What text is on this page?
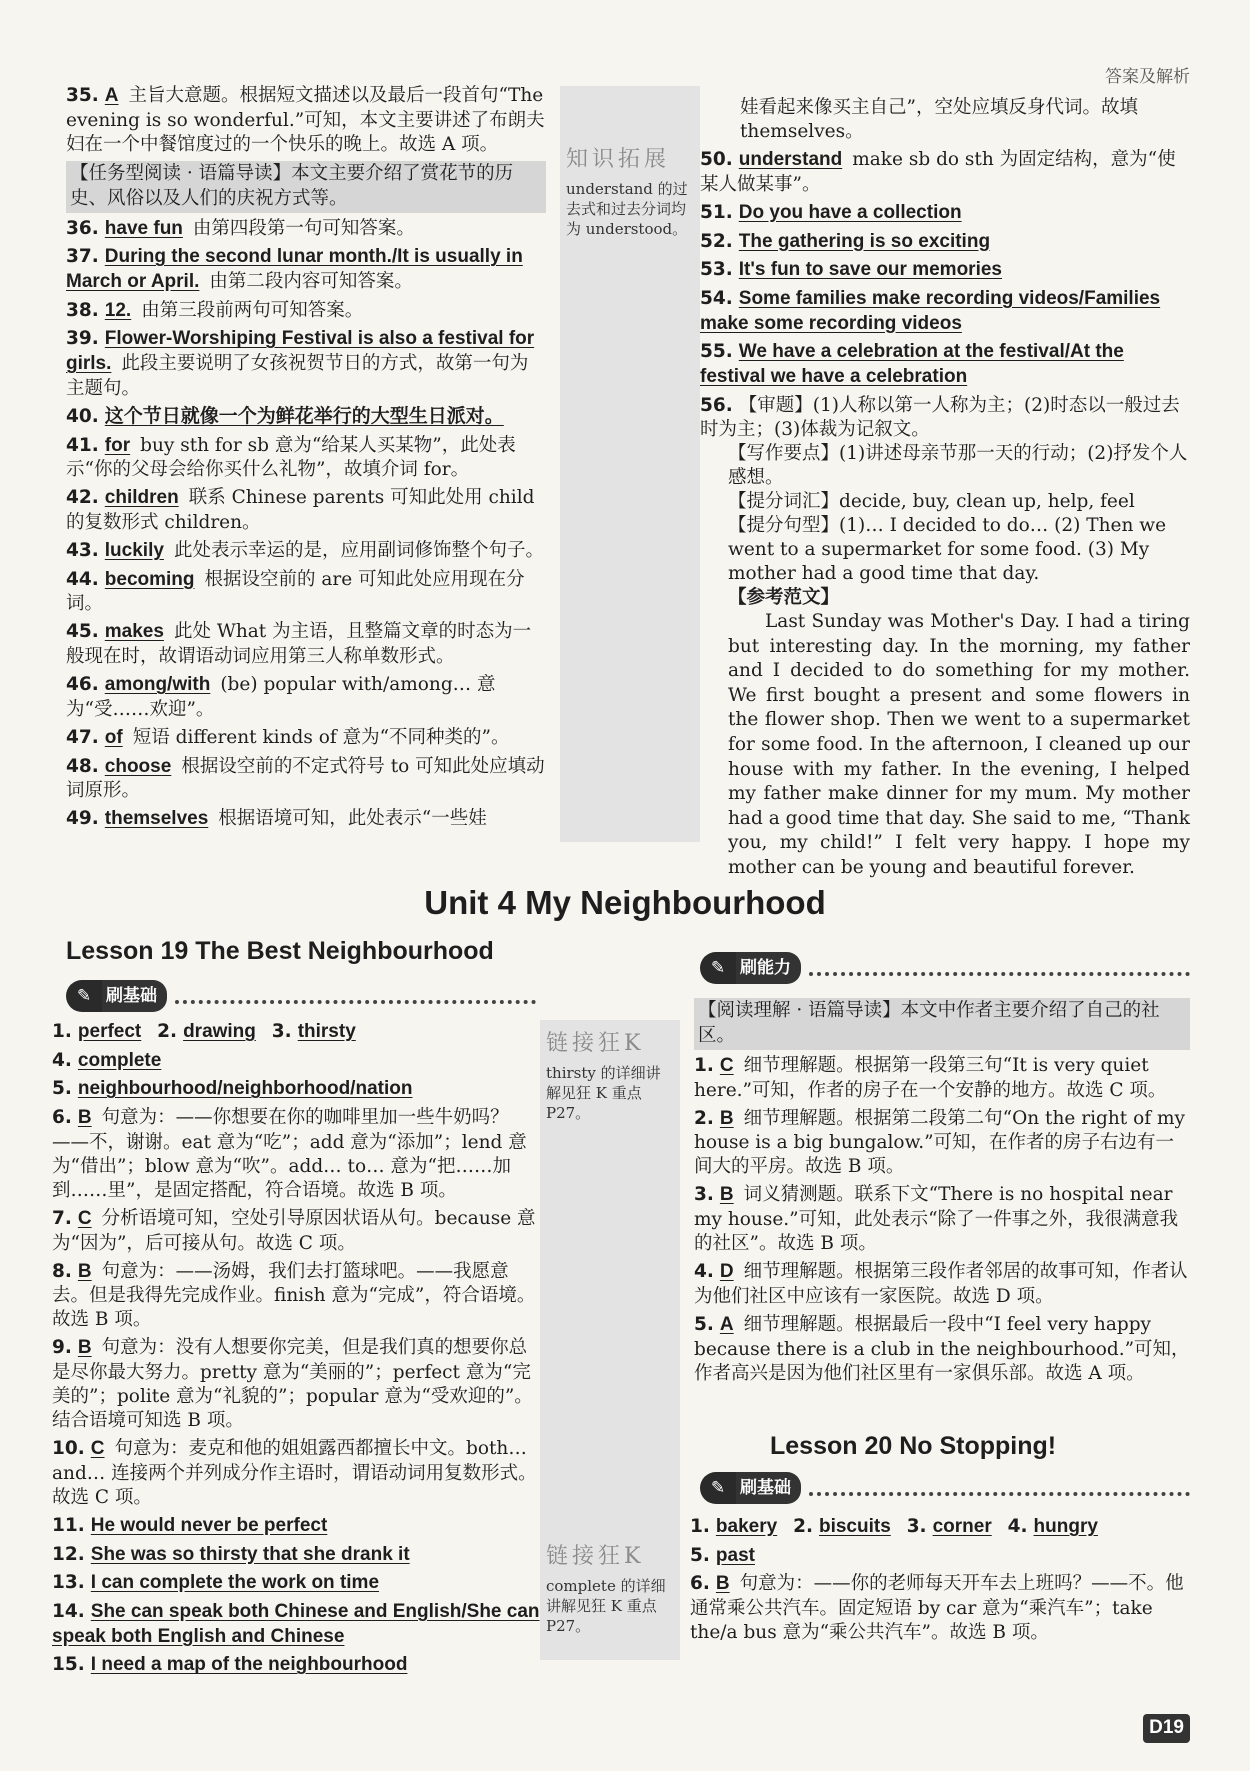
答案及解析
35. A 主旨大意题。根据短文描述以及最后一段首句“The evening is so wonderful.”可知，本文主要讲述了布朗夫妇在一个中餐馆度过的一个快乐的晚上。故选 A 项。
【任务型阅读 · 语篇导读】本文主要介绍了赏花节的历史、风俗以及人们的庆祝方式等。
36. have fun 由第四段第一句可知答案。
37. During the second lunar month./It is usually in March or April. 由第二段内容可知答案。
38. 12. 由第三段前两句可知答案。
39. Flower-Worshiping Festival is also a festival for girls. 此段主要说明了女孩祝贺节日的方式，故第一句为主题句。
40. 这个节日就像一个为鲜花举行的大型生日派对。
41. for buy sth for sb 意为“给某人买某物”，此处表示“你的父母会给你买什么礼物”，故填介词 for。
42. children 联系 Chinese parents 可知此处用 child 的复数形式 children。
43. luckily 此处表示幸运的是，应用副词修饰整个句子。
44. becoming 根据设空前的 are 可知此处应用现在分词。
45. makes 此处 What 为主语，且整篇文章的时态为一般现在时，故谓语动词应用第三人称单数形式。
46. among/with (be) popular with/among… 意为“受……欢迎”。
47. of 短语 different kinds of 意为“不同种类的”。
48. choose 根据设空前的不定式符号 to 可知此处应填动词原形。
49. themselves 根据语境可知，此处表示“一些娃
知识拓展
understand 的过去式和过去分词均为 understood。
娃看起来像买主自己”，空处应填反身代词。故填 themselves。
50. understand make sb do sth 为固定结构，意为“使某人做某事”。
51. Do you have a collection
52. The gathering is so exciting
53. It's fun to save our memories
54. Some families make recording videos/Families make some recording videos
55. We have a celebration at the festival/At the festival we have a celebration
56. 【审题】(1)人称以第一人称为主；(2)时态以一般过去时为主；(3)体裁为记叙文。
【写作要点】(1)讲述母亲节那一天的行动；(2)抒发个人感想。
【提分词汇】decide, buy, clean up, help, feel
【提分句型】(1)… I decided to do… (2) Then we went to a supermarket for some food. (3) My mother had a good time that day.
【参考范文】
Last Sunday was Mother's Day. I had a tiring but interesting day. In the morning, my father and I decided to do something for my mother. We first bought a present and some flowers in the flower shop. Then we went to a supermarket for some food. In the afternoon, I cleaned up our house with my father. In the evening, I helped my father make dinner for my mum. My mother had a good time that day. She said to me, “Thank you, my child!” I felt very happy. I hope my mother can be young and beautiful forever.
Unit 4 My Neighbourhood
Lesson 19 The Best Neighbourhood
✎ 刷基础
1. perfect 2. drawing 3. thirsty
4. complete
5. neighbourhood/neighborhood/nation
6. B 句意为：——你想要在你的咖啡里加一些牛奶吗？——不，谢谢。eat 意为“吃”；add 意为“添加”；lend 意为“借出”；blow 意为“吹”。add… to… 意为“把……加到……里”，是固定搭配，符合语境。故选 B 项。
7. C 分析语境可知，空处引导原因状语从句。because 意为“因为”，后可接从句。故选 C 项。
8. B 句意为：——汤姆，我们去打篮球吧。——我愿意去。但是我得先完成作业。finish 意为“完成”，符合语境。故选 B 项。
9. B 句意为：没有人想要你完美，但是我们真的想要你总是尽你最大努力。pretty 意为“美丽的”；perfect 意为“完美的”；polite 意为“礼貌的”；popular 意为“受欢迎的”。结合语境可知选 B 项。
10. C 句意为：麦克和他的姐姐露西都擅长中文。both… and… 连接两个并列成分作主语时，谓语动词用复数形式。故选 C 项。
11. He would never be perfect
12. She was so thirsty that she drank it
13. I can complete the work on time
14. She can speak both Chinese and English/She can speak both English and Chinese
15. I need a map of the neighbourhood
链接狂K
thirsty 的详细讲解见狂 K 重点 P27。
链接狂K
complete 的详细讲解见狂 K 重点 P27。
✎ 刷能力
【阅读理解 · 语篇导读】本文中作者主要介绍了自己的社区。
1. C 细节理解题。根据第一段第三句“It is very quiet here.”可知，作者的房子在一个安静的地方。故选 C 项。
2. B 细节理解题。根据第二段第二句“On the right of my house is a big bungalow.”可知，在作者的房子右边有一间大的平房。故选 B 项。
3. B 词义猜测题。联系下文“There is no hospital near my house.”可知，此处表示“除了一件事之外，我很满意我的社区”。故选 B 项。
4. D 细节理解题。根据第三段作者邻居的故事可知，作者认为他们社区中应该有一家医院。故选 D 项。
5. A 细节理解题。根据最后一段中“I feel very happy because there is a club in the neighbourhood.”可知，作者高兴是因为他们社区里有一家俱乐部。故选 A 项。
Lesson 20 No Stopping!
✎ 刷基础
1. bakery 2. biscuits 3. corner 4. hungry
5. past
6. B 句意为：——你的老师每天开车去上班吗？——不。他通常乘公共汽车。固定短语 by car 意为“乘汽车”；take the/a bus 意为“乘公共汽车”。故选 B 项。
D19
